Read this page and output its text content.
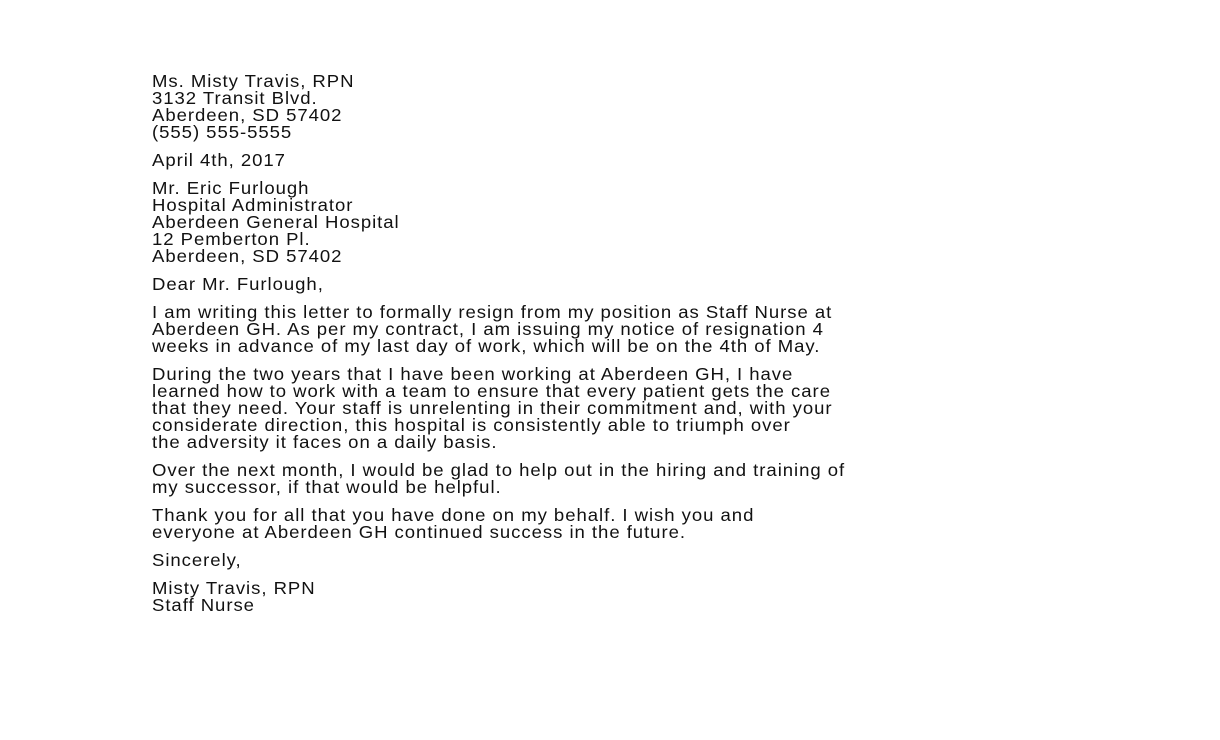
Ms. Misty Travis, RPN
3132 Transit Blvd.
Aberdeen, SD 57402
(555) 555-5555
April 4th, 2017
Mr. Eric Furlough
Hospital Administrator
Aberdeen General Hospital
12 Pemberton Pl.
Aberdeen, SD 57402
Dear Mr. Furlough,
I am writing this letter to formally resign from my position as Staff Nurse at
Aberdeen GH. As per my contract, I am issuing my notice of resignation 4
weeks in advance of my last day of work, which will be on the 4th of May.
During the two years that I have been working at Aberdeen GH, I have
learned how to work with a team to ensure that every patient gets the care
that they need. Your staff is unrelenting in their commitment and, with your
considerate direction, this hospital is consistently able to triumph over
the adversity it faces on a daily basis.
Over the next month, I would be glad to help out in the hiring and training of
my successor, if that would be helpful.
Thank you for all that you have done on my behalf. I wish you and
everyone at Aberdeen GH continued success in the future.
Sincerely,
Misty Travis, RPN
Staff Nurse
